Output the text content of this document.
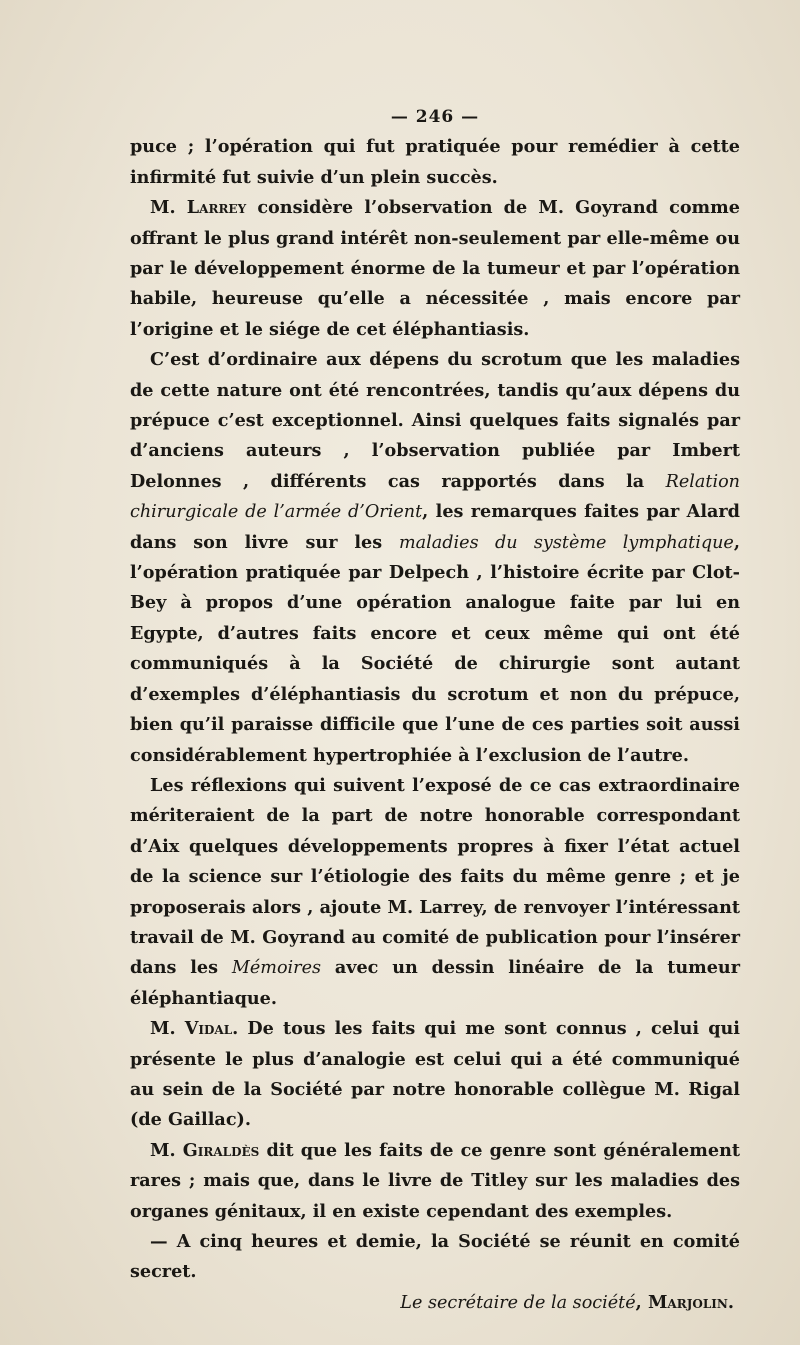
— 246 —

puce ; l’opération qui fut pratiquée pour remédier à cette infirmité fut suivie d’un plein succès.

M. Larrey considère l’observation de M. Goyrand comme offrant le plus grand intérêt non-seulement par elle-même ou par le développement énorme de la tumeur et par l’opération habile, heureuse qu’elle a nécessitée , mais encore par l’origine et le siége de cet éléphantiasis.

C’est d’ordinaire aux dépens du scrotum que les maladies de cette nature ont été rencontrées, tandis qu’aux dépens du prépuce c’est exceptionnel. Ainsi quelques faits signalés par d’anciens auteurs , l’observation publiée par Imbert Delonnes , différents cas rapportés dans la Relation chirurgicale de l’armée d’Orient, les remarques faites par Alard dans son livre sur les maladies du système lymphatique, l’opération pratiquée par Delpech , l’histoire écrite par Clot-Bey à propos d’une opération analogue faite par lui en Egypte, d’autres faits encore et ceux même qui ont été communiqués à la Société de chirurgie sont autant d’exemples d’éléphantiasis du scrotum et non du prépuce, bien qu’il paraisse difficile que l’une de ces parties soit aussi considérablement hypertrophiée à l’exclusion de l’autre.

Les réflexions qui suivent l’exposé de ce cas extraordinaire mériteraient de la part de notre honorable correspondant d’Aix quelques développements propres à fixer l’état actuel de la science sur l’étiologie des faits du même genre ; et je proposerais alors , ajoute M. Larrey, de renvoyer l’intéressant travail de M. Goyrand au comité de publication pour l’insérer dans les Mémoires avec un dessin linéaire de la tumeur éléphantiaque.

M. Vidal. De tous les faits qui me sont connus , celui qui présente le plus d’analogie est celui qui a été communiqué au sein de la Société par notre honorable collègue M. Rigal (de Gaillac).

M. Giraldès dit que les faits de ce genre sont généralement rares ; mais que, dans le livre de Titley sur les maladies des organes génitaux, il en existe cependant des exemples.

— A cinq heures et demie, la Société se réunit en comité secret.

Le secrétaire de la société, Marjolin.
